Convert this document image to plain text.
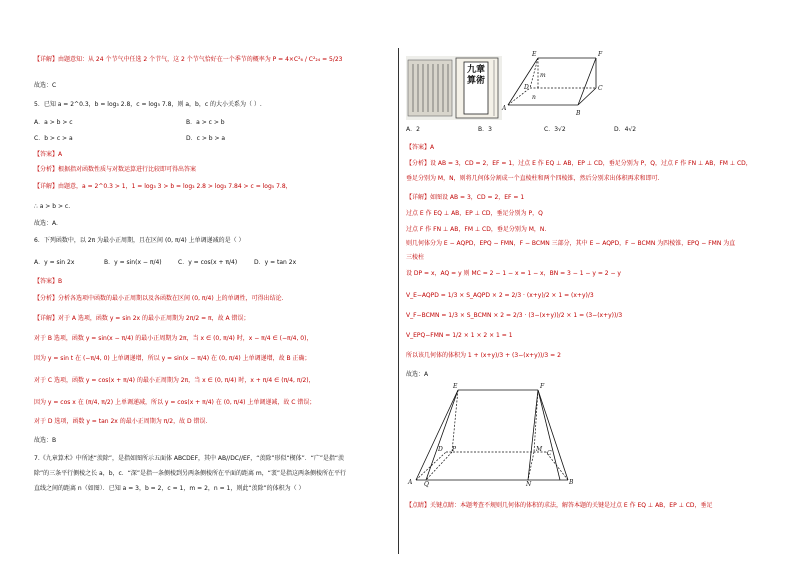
【详解】由题意知：从 24 个节气中任选 2 个节气，这 2 个节气恰好在一个季节的概率为 P = 4×C²₆ / C²₂₄ = 5/23
故选：C
5．已知 a = 2^0.3，b = log₃ 2.8，c = log₅ 7.8，则 a，b，c 的大小关系为（ ）.
A．a > b > c	B．a > c > b
C．b > c > a	D．c > b > a
【答案】A
【分析】根据指对函数性质与对数运算进行比较即可得出答案
【详解】由题意，a = 2^0.3 > 1，1 = log₃ 3 > b = log₃ 2.8 > log₃ 7.84 > c = log₅ 7.8，
∴ a > b > c.
故选：A.
6．下列函数中，以 2π 为最小正周期，且在区间 (0, π/4) 上单调递减的是（ ）
A．y = sin 2x	B．y = sin(x − π/4)	C．y = cos(x + π/4)	D．y = tan 2x
【答案】B
【分析】分析各选项中函数的最小正周期以及各函数在区间 (0, π/4) 上的单调性，可得出结论.
【详解】对于 A 选项，函数 y = sin 2x 的最小正周期为 2π/2 = π，故 A 错误；
对于 B 选项，函数 y = sin(x − π/4) 的最小正周期为 2π，当 x ∈ (0, π/4) 时，x − π/4 ∈ (−π/4, 0)，
因为 y = sin t 在 (−π/4, 0) 上单调递增，所以 y = sin(x − π/4) 在 (0, π/4) 上单调递增，故 B 正确；
对于 C 选项，函数 y = cos(x + π/4) 的最小正周期为 2π，当 x ∈ (0, π/4) 时，x + π/4 ∈ (π/4, π/2)，
因为 y = cos x 在 (π/4, π/2) 上单调递减，所以 y = cos(x + π/4) 在 (0, π/4) 上单调递减，故 C 错误；
对于 D 选项，函数 y = tan 2x 的最小正周期为 π/2，故 D 错误.
故选：B
7.《九章算术》中所述“羡除”，是指如图所示五面体 ABCDEF，其中 AB//DC//EF，“羡除”形似“楔体”．“广”是指“羡
除”的三条平行侧棱之长 a，b，c．“深”是指一条侧棱到另两条侧棱所在平面的距离 m，“袤”是指这两条侧棱所在平行
直线之间的距离 n（如图）．已知 a = 3，b = 2，c = 1，m = 2，n = 1，则此“羡除”的体积为（ ）
九章算術
E	F
A
B
C
D
m
n
A．2	B．3	C．3√2	D．4√2
【答案】A
【分析】设 AB = 3，CD = 2，EF = 1，过点 E 作 EQ ⊥ AB，EP ⊥ CD，垂足分别为 P，Q，过点 F 作 FN ⊥ AB，FM ⊥ CD，
垂足分别为 M，N，则将几何体分割成一个直棱柱和两个四棱锥，然后分别求出体积再求和即可.
【详解】如图设 AB = 3，CD = 2，EF = 1
过点 E 作 EQ ⊥ AB，EP ⊥ CD，垂足分别为 P，Q
过点 F 作 FN ⊥ AB，FM ⊥ CD，垂足分别为 M，N.
则几何体分为 E − AQPD，EPQ − FMN，F − BCMN 三部分，其中 E − AQPD，F − BCMN 为四棱锥，EPQ − FMN 为直
三棱柱
设 DP = x，AQ = y 则 MC = 2 − 1 − x = 1 − x，BN = 3 − 1 − y = 2 − y
V_E−AQPD = 1/3 × S_AQPD × 2 = 2/3 · (x+y)/2 × 1 = (x+y)/3
V_F−BCMN = 1/3 × S_BCMN × 2 = 2/3 · (3−(x+y))/2 × 1 = (3−(x+y))/3
V_EPQ−FMN = 1/2 × 1 × 2 × 1 = 1
所以该几何体的体积为 1 + (x+y)/3 + (3−(x+y))/3 = 2
故选：A
E	F
A	B
C
D P	M
Q	N
【点睛】关键点睛：本题考查不规则几何体的体积的求法，解答本题的关键是过点 E 作 EQ ⊥ AB，EP ⊥ CD，垂足
